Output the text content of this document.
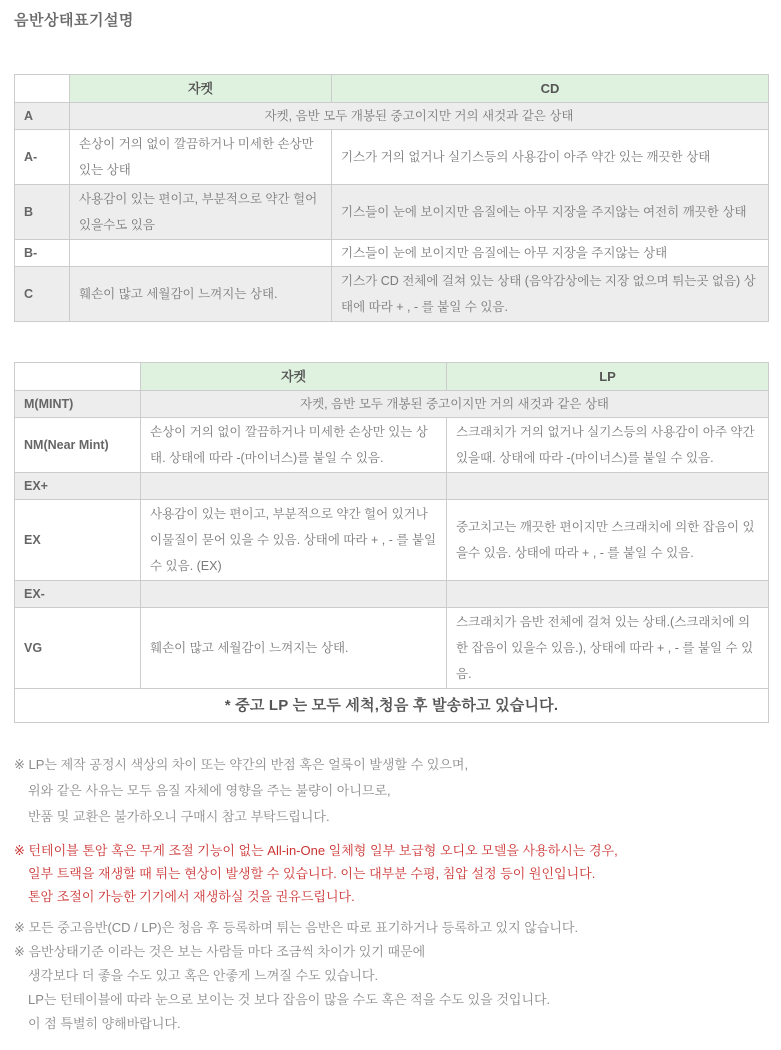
음반상태표기설명
	자켓	CD
A	자켓, 음반 모두 개봉된 중고이지만 거의 새것과 같은 상태	
A-	손상이 거의 없이 깔끔하거나 미세한 손상만 있는 상태	기스가 거의 없거나 실기스등의 사용감이 아주 약간 있는 깨끗한 상태
B	사용감이 있는 편이고, 부분적으로 약간 헐어 있을수도 있음	기스들이 눈에 보이지만 음질에는 아무 지장을 주지않는 여전히 깨끗한 상태
B-		기스들이 눈에 보이지만 음질에는 아무 지장을 주지않는 상태
C	훼손이 많고 세월감이 느껴지는 상태.	기스가 CD 전체에 걸쳐 있는 상태 (음악감상에는 지장 없으며 튀는곳 없음) 상태에 따라 + , - 를 붙일 수 있음.
	자켓	LP
M(MINT)	자켓, 음반 모두 개봉된 중고이지만 거의 새것과 같은 상태	
NM(Near Mint)	손상이 거의 없이 깔끔하거나 미세한 손상만 있는 상태. 상태에 따라 -(마이너스)를 붙일 수 있음.	스크래치가 거의 없거나 실기스등의 사용감이 아주 약간 있을때. 상태에 따라 -(마이너스)를 붙일 수 있음.
EX+		
EX	사용감이 있는 편이고, 부분적으로 약간 헐어 있거나 이물질이 묻어 있을 수 있음. 상태에 따라 + , - 를 붙일 수 있음. (EX)	중고치고는 깨끗한 편이지만 스크래치에 의한 잡음이 있을수 있음. 상태에 따라 + , - 를 붙일 수 있음.
EX-		
VG	훼손이 많고 세월감이 느껴지는 상태.	스크래치가 음반 전체에 걸쳐 있는 상태.(스크래치에 의한 잡음이 있을수 있음.), 상태에 따라 + , - 를 붙일 수 있음.
* 중고 LP 는 모두 세척,청음 후 발송하고 있습니다.		
※ LP는 제작 공정시 색상의 차이 또는 약간의 반점 혹은 얼룩이 발생할 수 있으며,
위와 같은 사유는 모두 음질 자체에 영향을 주는 불량이 아니므로,
반품 및 교환은 불가하오니 구매시 참고 부탁드립니다.
※ 턴테이블 톤암 혹은 무게 조절 기능이 없는 All-in-One 일체형 일부 보급형 오디오 모델을 사용하시는 경우,
일부 트랙을 재생할 때 튀는 현상이 발생할 수 있습니다. 이는 대부분 수평, 침압 설정 등이 원인입니다.
톤암 조절이 가능한 기기에서 재생하실 것을 권유드립니다.
※ 모든 중고음반(CD / LP)은 청음 후 등록하며 튀는 음반은 따로 표기하거나 등록하고 있지 않습니다.
※ 음반상태기준 이라는 것은 보는 사람들 마다 조금씩 차이가 있기 때문에
생각보다 더 좋을 수도 있고 혹은 안좋게 느껴질 수도 있습니다.
LP는 턴테이블에 따라 눈으로 보이는 것 보다 잡음이 많을 수도 혹은 적을 수도 있을 것입니다.
이 점 특별히 양해바랍니다.
